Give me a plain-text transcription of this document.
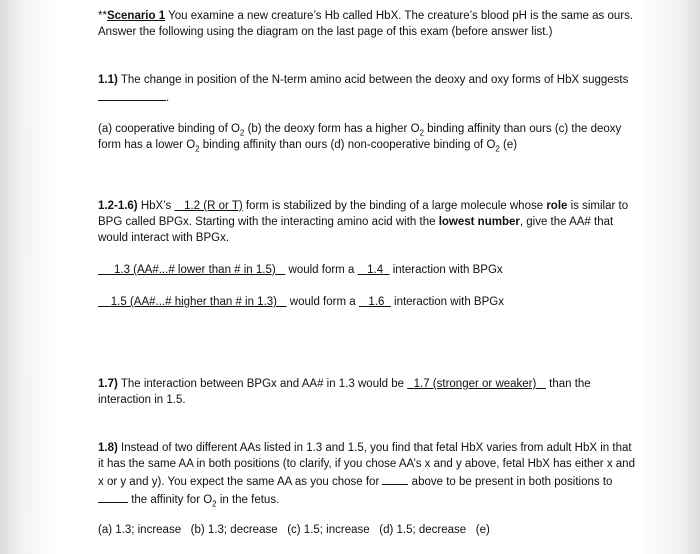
**Scenario 1 You examine a new creature’s Hb called HbX. The creature’s blood pH is the same as ours. Answer the following using the diagram on the last page of this exam (before answer list.)

1.1) The change in position of the N-term amino acid between the deoxy and oxy forms of HbX suggests .

(a) cooperative binding of $O_2$ (b) the deoxy form has a higher $O_2$ binding affinity than ours (c) the deoxy form has a lower $O_2$ binding affinity than ours (d) non-cooperative binding of $O_2$ (e)

1.2-1.6) HbX’s    1.2 (R or T) form is stabilized by the binding of a large molecule whose role is similar to BPG called BPGx. Starting with the interacting amino acid with the lowest number, give the AA# that would interact with BPGx.

1.3 (AA#...# lower than # in 1.5)    would form a    1.4   interaction with BPGx

1.5 (AA#...# higher than # in 1.3)    would form a    1.6   interaction with BPGx

1.7) The interaction between BPGx and AA# in 1.3 would be   1.7 (stronger or weaker)    than the interaction in 1.5.

1.8) Instead of two different AAs listed in 1.3 and 1.5, you find that fetal HbX varies from adult HbX in that it has the same AA in both positions (to clarify, if you chose AA’s x and y above, fetal HbX has either x and x or y and y). You expect the same AA as you chose for	above to be present in both positions to  the affinity for $O_2$ in the fetus.

(a) 1.3; increase   (b) 1.3; decrease   (c) 1.5; increase   (d) 1.5; decrease   (e)
